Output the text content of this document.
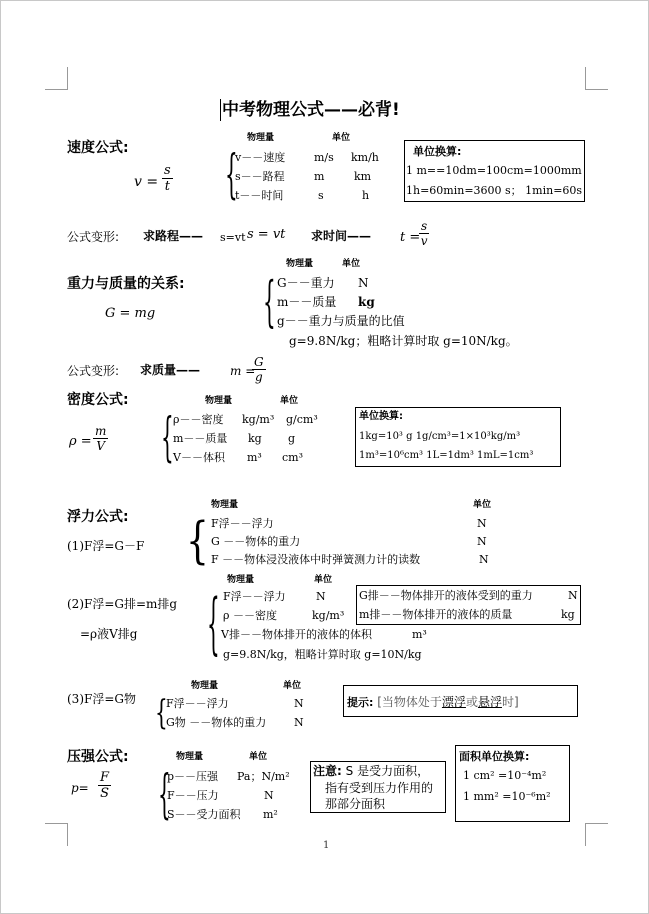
中考物理公式——必背!
速度公式:
物理量	单位
$v = \frac{s}{t}$	{
v－－速度	m/s km/h
s－－路程	m	km
t－－时间	s	h
单位换算:
1 m==10dm=100cm=1000mm
1h=60min=3600 s； 1min=60s
公式变形: 求路程—— s=vt s = vt 求时间—— t =
$\frac{s}{v}$
重力与质量的关系:
物理量	单位
G = mg	{ G－－重力 N
m－－质量 kg
g－－重力与质量的比值
g=9.8N/kg；粗略计算时取 g=10N/kg。
公式变形: 求质量—— m =
$\frac{G}{g}$
密度公式:	物理量	单位
$\rho = \frac{m}{V}$	{ ρ－－密度 kg/m³ g/cm³
m－－质量 kg g
V－－体积 m³ cm³
单位换算:
1kg=10³ g 1g/cm³=1×10³kg/m³
1m³=10⁶cm³ 1L=1dm³ 1mL=1cm³
浮力公式:
物理量	单位
(1)F浮=G－F { F浮－－浮力	N
G －－物体的重力	N
F －－物体浸没液体中时弹簧测力计的读数	N
物理量	单位
(2)F浮=G排=m排g
=ρ液V排g	{ F浮－－浮力	N
ρ －－密度	kg/m³
V排－－物体排开的液体的体积	m³
g=9.8N/kg，粗略计算时取 g=10N/kg
G排－－物体排开的液体受到的重力	N
m排－－物体排开的液体的质量	kg
物理量	单位
(3)F浮=G物 {
F浮－－浮力	N
G物 －－物体的重力	N
提示: [当物体处于漂浮或悬浮时]
压强公式:	物理量	单位
$p= \frac{F}{S}$ {
p－－压强 Pa；N/m²
F－－压力	N
S－－受力面积 m²
注意: S 是受力面积，
指有受到压力作用的
那部分面积
面积单位换算:
1 cm² =10⁻⁴m²
1 mm² =10⁻⁶m²
1
